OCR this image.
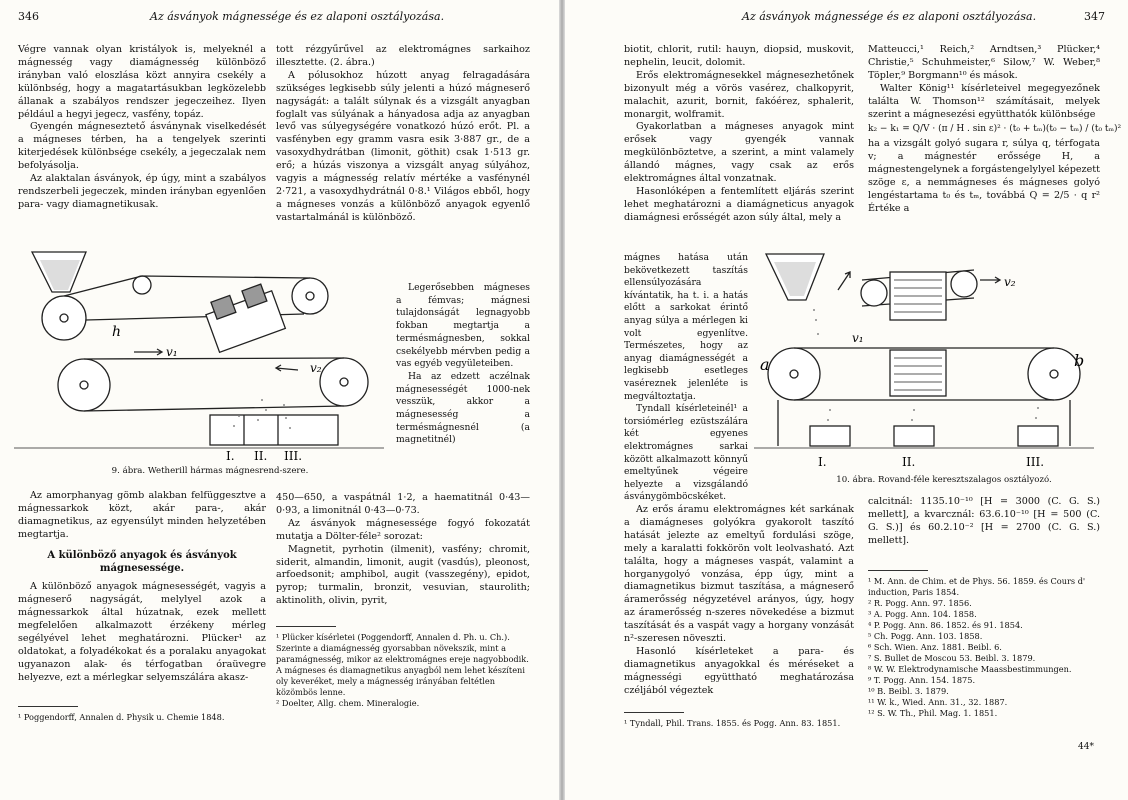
346	Az ásványok mágnessége és ez alaponi osztályozása.

Végre vannak olyan kristályok is, melyeknél a mágnesség vagy diamágnesség különböző irányban való eloszlása közt annyira csekély a különbség, hogy a magatartásukban legközelebb állanak a szabályos rendszer jegeczeihez. Ilyen például a hegyi jegecz, vasfény, topáz.

Gyengén mágneseztető ásványnak viselkedését a mágneses térben, ha a tengelyek szerinti kiterjedések különbsége csekély, a jegeczalak nem befolyásolja.

Az alaktalan ásványok, ép úgy, mint a szabályos rendszerbeli jegeczek, minden irányban egyenlően para- vagy diamagnetikusak.

tott rézgyűrűvel az elektromágnes sarkaihoz illesztette. (2. ábra.)

A pólusokhoz húzott anyag felragadására szükséges legkisebb súly jelenti a húzó mágneserő nagyságát: a talált súlynak és a vizsgált anyagban foglalt vas súlyának a hányadosa adja az anyagban levő vas súlyegységére vonatkozó húzó erőt. Pl. a vasfényben egy gramm vasra esik 3·887 gr., de a vasoxydhydrátban (limonit, göthit) csak 1·513 gr. erő; a húzás viszonya a vizsgált anyag súlyához, vagyis a mágnesség relatív mértéke a vasfénynél 2·721, a vasoxydhydrátnál 0·8.¹ Világos ebből, hogy a mágneses vonzás a különböző anyagok egyenlő vastartalmánál is különböző.

Legerősebben mágneses a fémvas; mágnesi tulajdonságát legnagyobb fokban megtartja a termésmágnesben, sokkal csekélyebb mérvben pedig a vas egyéb vegyületeiben.

Ha az edzett aczélnak mágnesességét 1000-nek vesszük, akkor a mágnesesség a termésmágnesnél (a magnetitnél)

h
v₁
v₂
I. II. III.
9. ábra. Wetherill hármas mágnesrend-szere.

Az amorphanyag gömb alakban felfüggesztve a mágnessarkok közt, akár para-, akár diamagnetikus, az egyensúlyt minden helyzetében megtartja.

A különböző anyagok és ásványok mágnesessége.

A különböző anyagok mágnesességét, vagyis a mágneserő nagyságát, melylyel azok a mágnessarkok által húzatnak, ezek mellett megfelelően alkalmazott érzékeny mérleg segélyével lehet meghatározni. Plücker¹ az oldatokat, a folyadékokat és a poralaku anyagokat ugyanazon alak- és térfogatban óraüvegre helyezve, ezt a mérlegkar selyemszálára akasz-

450—650, a vaspátnál 1·2, a haematitnál 0·43—0·93, a limonitnál 0·43—0·73.

Az ásványok mágnesessége fogyó fokozatát mutatja a Dölter-féle² sorozat:

Magnetit, pyrhotin (ilmenit), vasfény; chromit, siderit, almandin, limonit, augit (vasdús), pleonost, arfoedsonit; amphibol, augit (vasszegény), epidot, pyrop; turmalin, bronzit, vesuvian, staurolith; aktinolith, olivin, pyrit,

¹ Poggendorff, Annalen d. Physik u. Chemie 1848.

¹ Plücker kísérletei (Poggendorff, Annalen d. Ph. u. Ch.). Szerinte a diamágnesség gyorsabban növekszik, mint a paramágnesség, mikor az elektromágnes ereje nagyobbodik. A mágneses és diamagnetikus anyagból nem lehet készíteni oly keveréket, mely a mágnesség irányában feltétlen közömbös lenne.

² Doelter, Allg. chem. Mineralogie.

Az ásványok mágnessége és ez alaponi osztályozása.	347

biotit, chlorit, rutil: hauyn, diopsid, muskovit, nephelin, leucit, dolomit.

Erős elektromágnesekkel mágnesezhetőnek bizonyult még a vörös vasérez, chalkopyrit, malachit, azurit, bornit, fakóérez, sphalerit, monargit, wolframit.

Gyakorlatban a mágneses anyagok mint erősek vagy gyengék vannak megkülönböztetve, a szerint, a mint valamely állandó mágnes, vagy csak az erős elektromágnes által vonzatnak.

Hasonlóképen a fentemlített eljárás szerint lehet meghatározni a diamágneticus anyagok diamágnesi erősségét azon súly által, mely a

mágnes hatása után bekövetkezett taszítás ellensúlyozására kívántatik, ha t. i. a hatás előtt a sarkokat érintő anyag súlya a mérlegen ki volt egyenlítve. Természetes, hogy az anyag diamágnességét a legkisebb esetleges vaséreznek jelenléte is megváltoztatja.

Tyndall kísérleteinél¹ a torsiómérleg ezüstszálára két egyenes elektromágnes sarkai között alkalmazott könnyű emeltyűnek végeire helyezte a vizsgálandó ásványgömböcskéket.

Matteucci,¹ Reich,² Arndtsen,³ Plücker,⁴ Christie,⁵ Schuhmeister,⁶ Silow,⁷ W. Weber,⁸ Töpler,⁹ Borgmann¹⁰ és mások.

Walter König¹¹ kísérleteivel megegyezőnek találta W. Thomson¹² számításait, melyek szerint a mágnesezési együtthatók különbsége

k₂ − k₁ = Q/V · (π / H . sin ε)² · (t₀ + tₘ)(t₀ − tₘ) / (t₀ tₘ)²

ha a vizsgált golyó sugara r, súlya q, térfogata v; a mágnestér erőssége H, a mágnestengelynek a forgástengelylyel képezett szöge ε, a nemmágneses és mágneses golyó lengéstartama t₀ és tₘ, továbbá Q = 2/5 · q r² Értéke a

a	b
v₁
v₂
I.	II.	III.
10. ábra. Rovand-féle keresztszalagos osztályozó.

Az erős áramu elektromágnes két sarkának a diamágneses golyókra gyakorolt taszító hatását jelezte az emeltyű fordulási szöge, mely a karalatti fokkörön volt leolvasható. Azt találta, hogy a mágneses vaspát, valamint a horganygolyó vonzása, épp úgy, mint a diamagnetikus bizmut taszítása, a mágneserő áramerősség négyzetével arányos, úgy, hogy az áramerősség n-szeres növekedése a bizmut taszítását és a vaspát vagy a horgany vonzását n²-szeresen növeszti.

Hasonló kísérleteket a para- és diamagnetikus anyagokkal és méréseket a mágnességi együttható meghatározása czéljából végeztek

calcitnál: 1135.10⁻¹⁰ [H = 3000 (C. G. S.) mellett], a kvarcznál: 63.6.10⁻¹⁰ [H = 500 (C. G. S.)] és 60.2.10⁻² [H = 2700 (C. G. S.) mellett].

¹ M. Ann. de Chim. et de Phys. 56. 1859. és Cours d' induction, Paris 1854.

² R. Pogg. Ann. 97. 1856.

³ A. Pogg. Ann. 104. 1858.

⁴ P. Pogg. Ann. 86. 1852. és 91. 1854.

⁵ Ch. Pogg. Ann. 103. 1858.

⁶ Sch. Wien. Anz. 1881. Beibl. 6.

⁷ S. Bullet de Moscou 53. Beibl. 3. 1879.

⁸ W. W. Elektrodynamische Maassbestimmungen.

⁹ T. Pogg. Ann. 154. 1875.

¹⁰ B. Beibl. 3. 1879.

¹¹ W. k., Wied. Ann. 31., 32. 1887.

¹² S. W. Th., Phil. Mag. 1. 1851.

¹ Tyndall, Phil. Trans. 1855. és Pogg. Ann. 83. 1851.

44*
